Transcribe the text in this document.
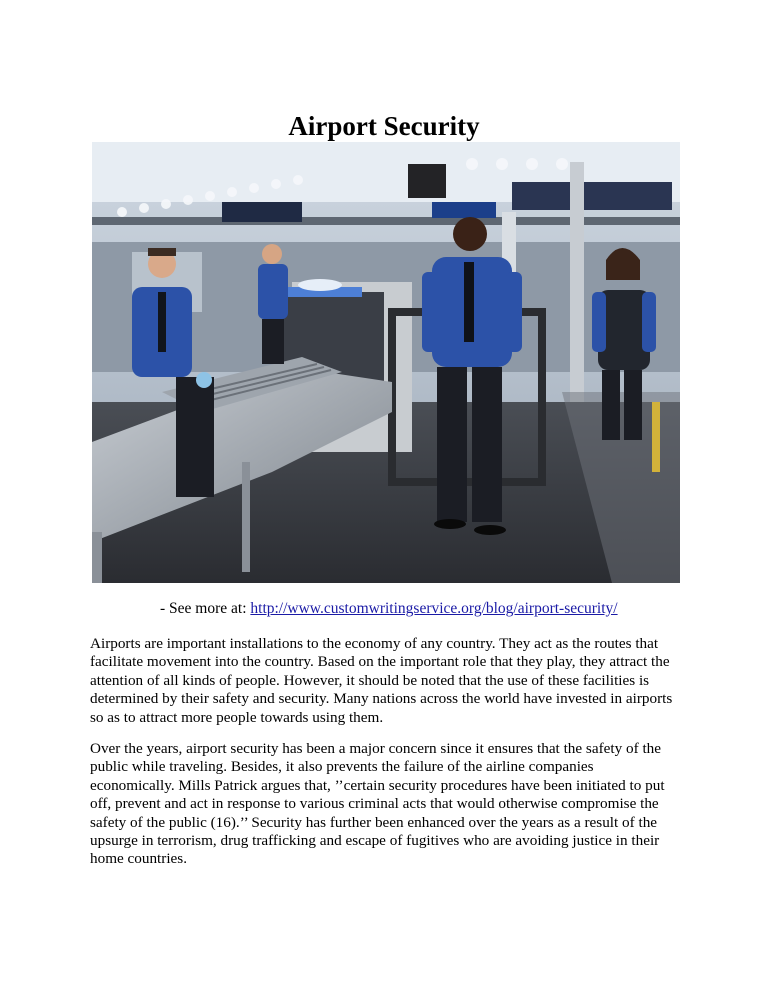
Airport Security
- See more at: http://www.customwritingservice.org/blog/airport-security/

Airports are important installations to the economy of any country. They act as the routes that facilitate movement into the country. Based on the important role that they play, they attract the attention of all kinds of people. However, it should be noted that the use of these facilities is determined by their safety and security. Many nations across the world have invested in airports so as to attract more people towards using them.

Over the years, airport security has been a major concern since it ensures that the safety of the public while traveling. Besides, it also prevents the failure of the airline companies economically. Mills Patrick argues that, ’’certain security procedures have been initiated to put off, prevent and act in response to various criminal acts that would otherwise compromise the safety of the public (16).’’ Security has further been enhanced over the years as a result of the upsurge in terrorism, drug trafficking and escape of fugitives who are avoiding justice in their home countries.
